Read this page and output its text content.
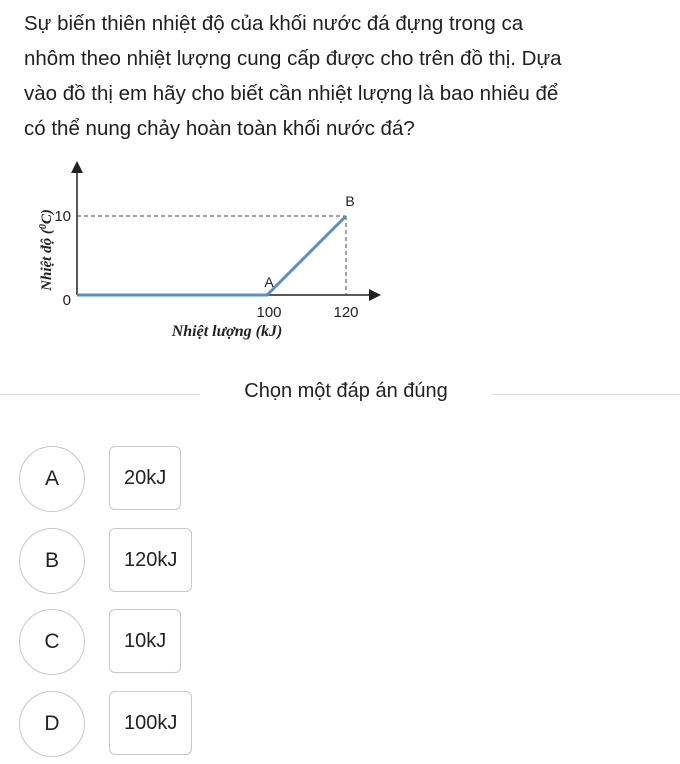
Sự biến thiên nhiệt độ của khối nước đá đựng trong ca

nhôm theo nhiệt lượng cung cấp được cho trên đồ thị. Dựa

vào đồ thị em hãy cho biết cần nhiệt lượng là bao nhiêu để

có thể nung chảy hoàn toàn khối nước đá?

Nhiệt độ ($^0$C)
Nhiệt lượng (kJ)
A
B
0
10
100	120
Chọn một đáp án đúng
A	20kJ
B	120kJ
C	10kJ
D	100kJ
